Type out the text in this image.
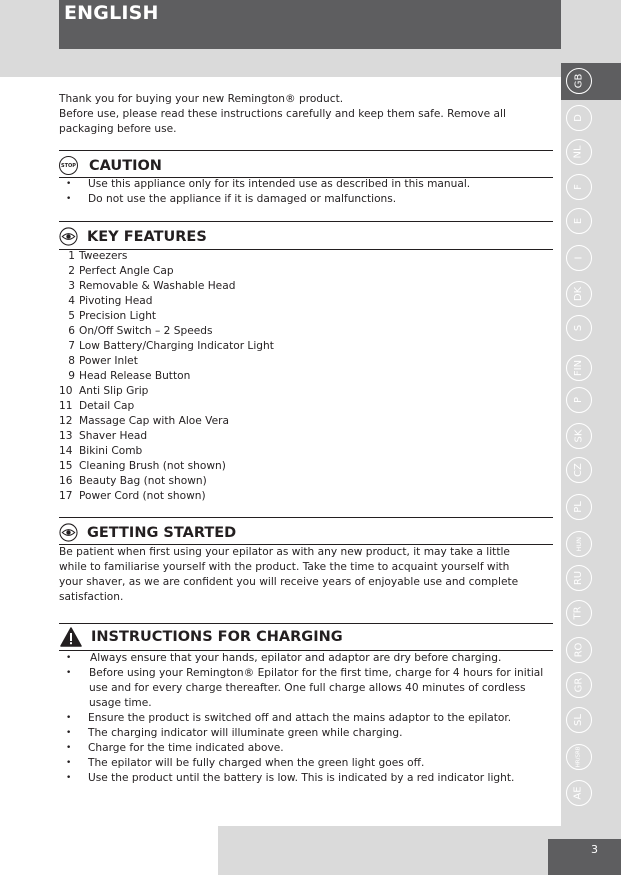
ENGLISH
GB
D
NL
F
E
I
DK
S
FIN
P
SK
CZ
PL
HUN
RU
TR
RO
GR
SL
HR/SRB
AE
3

Thank you for buying your new Remington® product.

Before use, please read these instructions carefully and keep them safe. Remove all packaging before use.

STOP CAUTION
• Use this appliance only for its intended use as described in this manual.
• Do not use the appliance if it is damaged or malfunctions.
KEY FEATURES
1 Tweezers
2 Perfect Angle Cap
3 Removable & Washable Head
4 Pivoting Head
5 Precision Light
6 On/Off Switch – 2 Speeds
7 Low Battery/Charging Indicator Light
8 Power Inlet
9 Head Release Button
10 Anti Slip Grip
11 Detail Cap
12 Massage Cap with Aloe Vera
13 Shaver Head
14 Bikini Comb
15 Cleaning Brush (not shown)
16 Beauty Bag (not shown)
17 Power Cord (not shown)
GETTING STARTED
Be patient when first using your epilator as with any new product, it may take a little while to familiarise yourself with the product. Take the time to acquaint yourself with your shaver, as we are confident you will receive years of enjoyable use and complete satisfaction.
INSTRUCTIONS FOR CHARGING
• Always ensure that your hands, epilator and adaptor are dry before charging.
• Before using your Remington® Epilator for the first time, charge for 4 hours for initial use and for every charge thereafter. One full charge allows 40 minutes of cordless usage time.
• Ensure the product is switched off and attach the mains adaptor to the epilator.
• The charging indicator will illuminate green while charging.
• Charge for the time indicated above.
• The epilator will be fully charged when the green light goes off.
• Use the product until the battery is low. This is indicated by a red indicator light.
